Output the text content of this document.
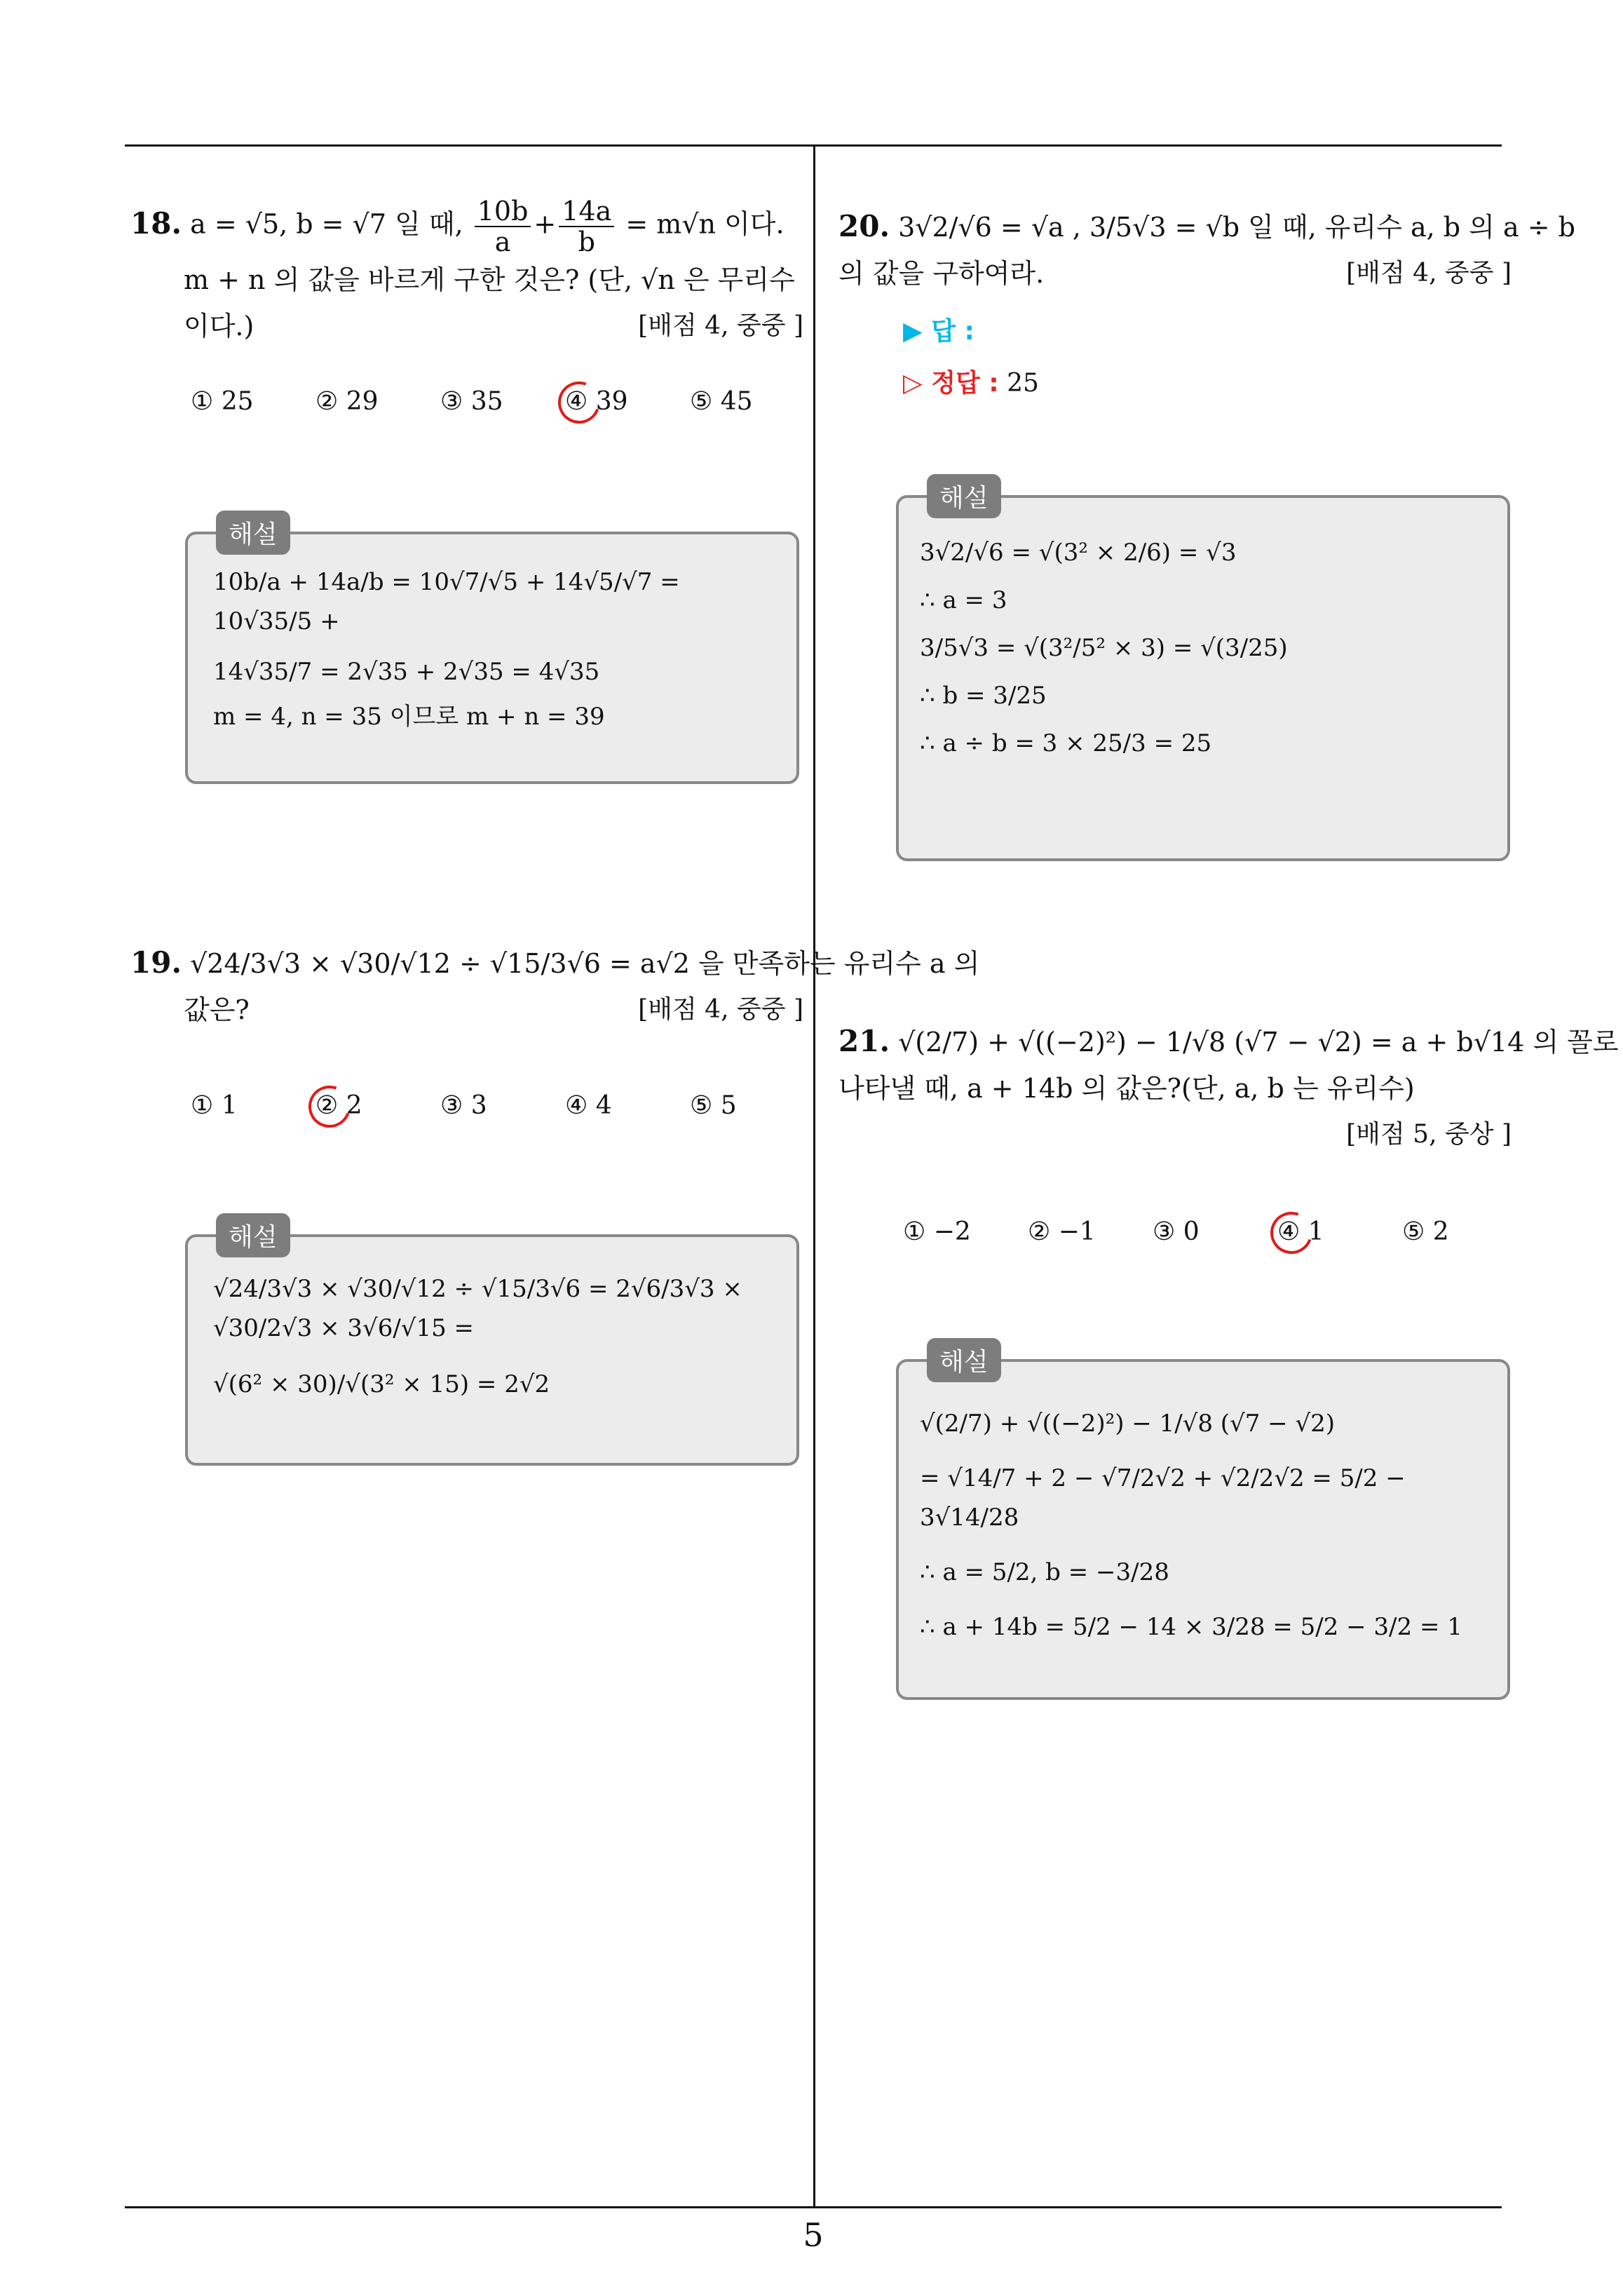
5
18. a = √5, b = √7 일 때, $\frac{10b}{a} + \frac{14a}{b} = m√n$ 이다.
m + n 의 값을 바르게 구한 것은? (단, √n 은 무리수
이다.)	[배점 4, 중중 ]
① 25 ② 29 ③ 35 ④ 39 ⑤ 45
해설
10b/a + 14a/b = 10√7/√5 + 14√5/√7 = 10√35/5 +
14√35/7 = 2√35 + 2√35 = 4√35
m = 4, n = 35 이므로 m + n = 39
19. √24/3√3 × √30/√12 ÷ √15/3√6 = a√2 을 만족하는 유리수 a 의
값은?	[배점 4, 중중 ]
① 1	② 2	③ 3	④ 4	⑤ 5
해설
√24/3√3 × √30/√12 ÷ √15/3√6 = 2√6/3√3 × √30/2√3 × 3√6/√15 =
√(6² × 30)/√(3² × 15) = 2√2
20. 3√2/√6 = √a , 3/5√3 = √b 일 때, 유리수 a, b 의 a ÷ b
의 값을 구하여라.	[배점 4, 중중 ]
▶ 답 :
▷ 정답 : 25
해설
3√2/√6 = √(3² × 2/6) = √3
∴ a = 3
3/5√3 = √(3²/5² × 3) = √(3/25)
∴ b = 3/25
∴ a ÷ b = 3 × 25/3 = 25
21. √(2/7) + √((−2)²) − 1/√8 (√7 − √2) = a + b√14 의 꼴로
나타낼 때, a + 14b 의 값은?(단, a, b 는 유리수)
[배점 5, 중상 ]
① −2 ② −1 ③ 0	④ 1	⑤ 2
해설
√(2/7) + √((−2)²) − 1/√8 (√7 − √2)
= √14/7 + 2 − √7/2√2 + √2/2√2 = 5/2 − 3√14/28
∴ a = 5/2, b = −3/28
∴ a + 14b = 5/2 − 14 × 3/28 = 5/2 − 3/2 = 1
